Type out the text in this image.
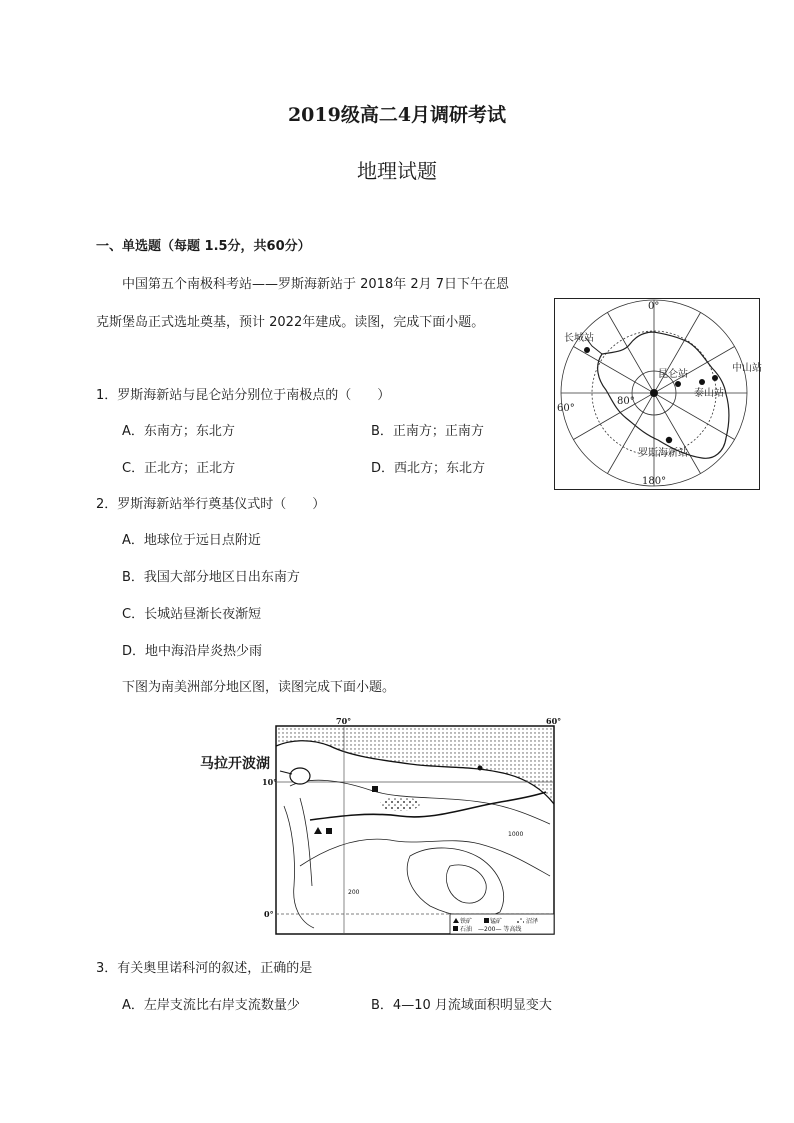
2019级高二4月调研考试
地理试题
一、单选题（每题 1.5分，共60分）
中国第五个南极科考站——罗斯海新站于 2018年 2月 7日下午在恩
克斯堡岛正式选址奠基，预计 2022年建成。读图，完成下面小题。
1．罗斯海新站与昆仑站分别位于南极点的（　　）
A．东南方；东北方	B．正南方；正南方
C．正北方；正北方	D．西北方；东北方
2．罗斯海新站举行奠基仪式时（　　）
A．地球位于远日点附近
B．我国大部分地区日出东南方
C．长城站昼渐长夜渐短
D．地中海沿岸炎热少雨
下图为南美洲部分地区图，读图完成下面小题。
3．有关奥里诺科河的叙述，正确的是
A．左岸支流比右岸支流数量少	B．4—10 月流域面积明显变大
0°
180°
60°
80°
长城站
昆仑站
中山站
泰山站
罗斯海新站
马拉开波湖
70°	60°
10°
0°
1000
200
铁矿	锰矿	沼泽
石油 —200— 等高线
